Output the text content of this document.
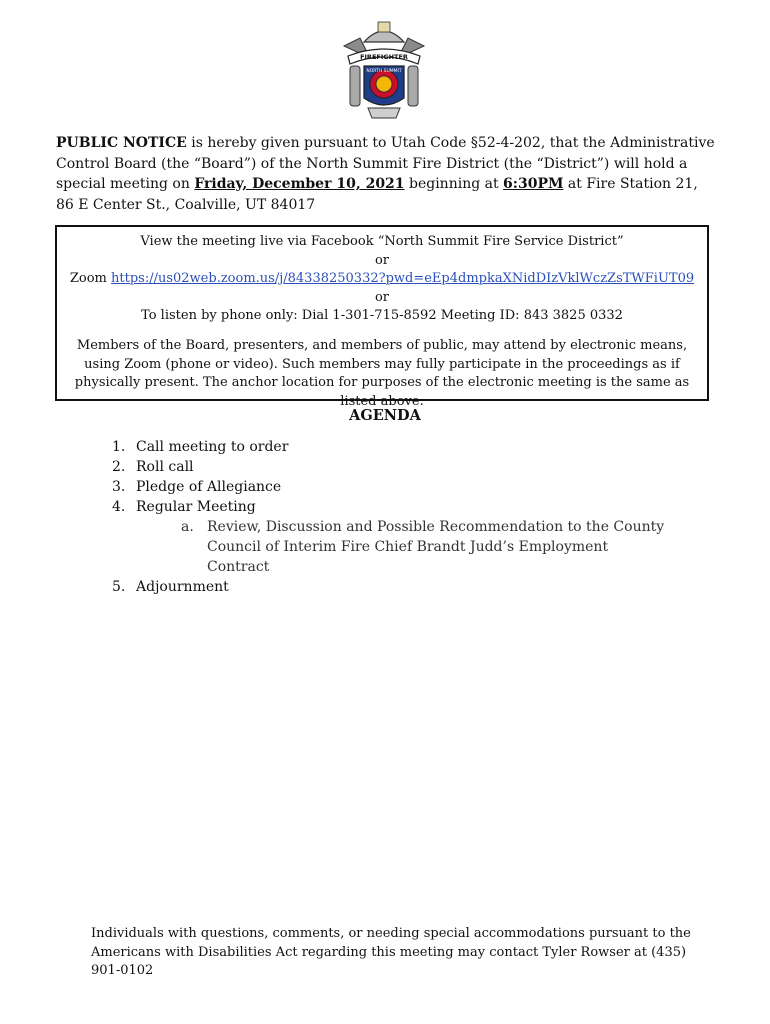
FIREFIGHTER
NORTH SUMMIT

PUBLIC NOTICE is hereby given pursuant to Utah Code §52-4-202, that the Administrative Control Board (the “Board”) of the North Summit Fire District (the “District”) will hold a special meeting on Friday, December 10, 2021 beginning at 6:30PM at Fire Station 21, 86 E Center St., Coalville, UT 84017

View the meeting live via Facebook “North Summit Fire Service District”

or

Zoom https://us02web.zoom.us/j/84338250332?pwd=eEp4dmpkaXNidDIzVklWczZsTWFiUT09

or

To listen by phone only: Dial 1-301-715-8592 Meeting ID: 843 3825 0332

Members of the Board, presenters, and members of public, may attend by electronic means, using Zoom (phone or video). Such members may fully participate in the proceedings as if physically present. The anchor location for purposes of the electronic meeting is the same as listed above.

AGENDA
1. Call meeting to order
2. Roll call
3. Pledge of Allegiance
4. Regular Meeting
a. Review, Discussion and Possible Recommendation to the County Council of Interim Fire Chief Brandt Judd’s Employment Contract
5. Adjournment

Individuals with questions, comments, or needing special accommodations pursuant to the Americans with Disabilities Act regarding this meeting may contact Tyler Rowser at (435) 901-0102
